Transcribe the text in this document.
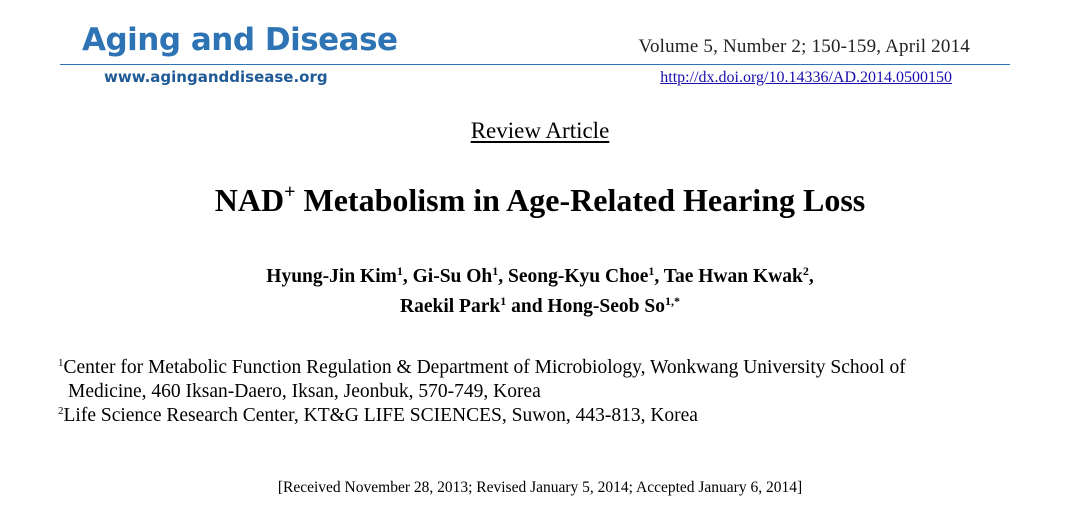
Aging and Disease
www.aginganddisease.org
Volume 5, Number 2; 150-159, April 2014
http://dx.doi.org/10.14336/AD.2014.0500150
Review Article
NAD+ Metabolism in Age-Related Hearing Loss
Hyung-Jin Kim$^1$, Gi-Su Oh$^1$, Seong-Kyu Choe$^1$, Tae Hwan Kwak$^2$,
Raekil Park$^1$ and Hong-Seob $So^{1,*}$
$^1$Center for Metabolic Function Regulation & Department of Microbiology, Wonkwang University School of
Medicine, 460 Iksan-Daero, Iksan, Jeonbuk, 570-749, Korea
$^2$Life Science Research Center, KT&G LIFE SCIENCES, Suwon, 443-813, Korea
[Received November 28, 2013; Revised January 5, 2014; Accepted January 6, 2014]
